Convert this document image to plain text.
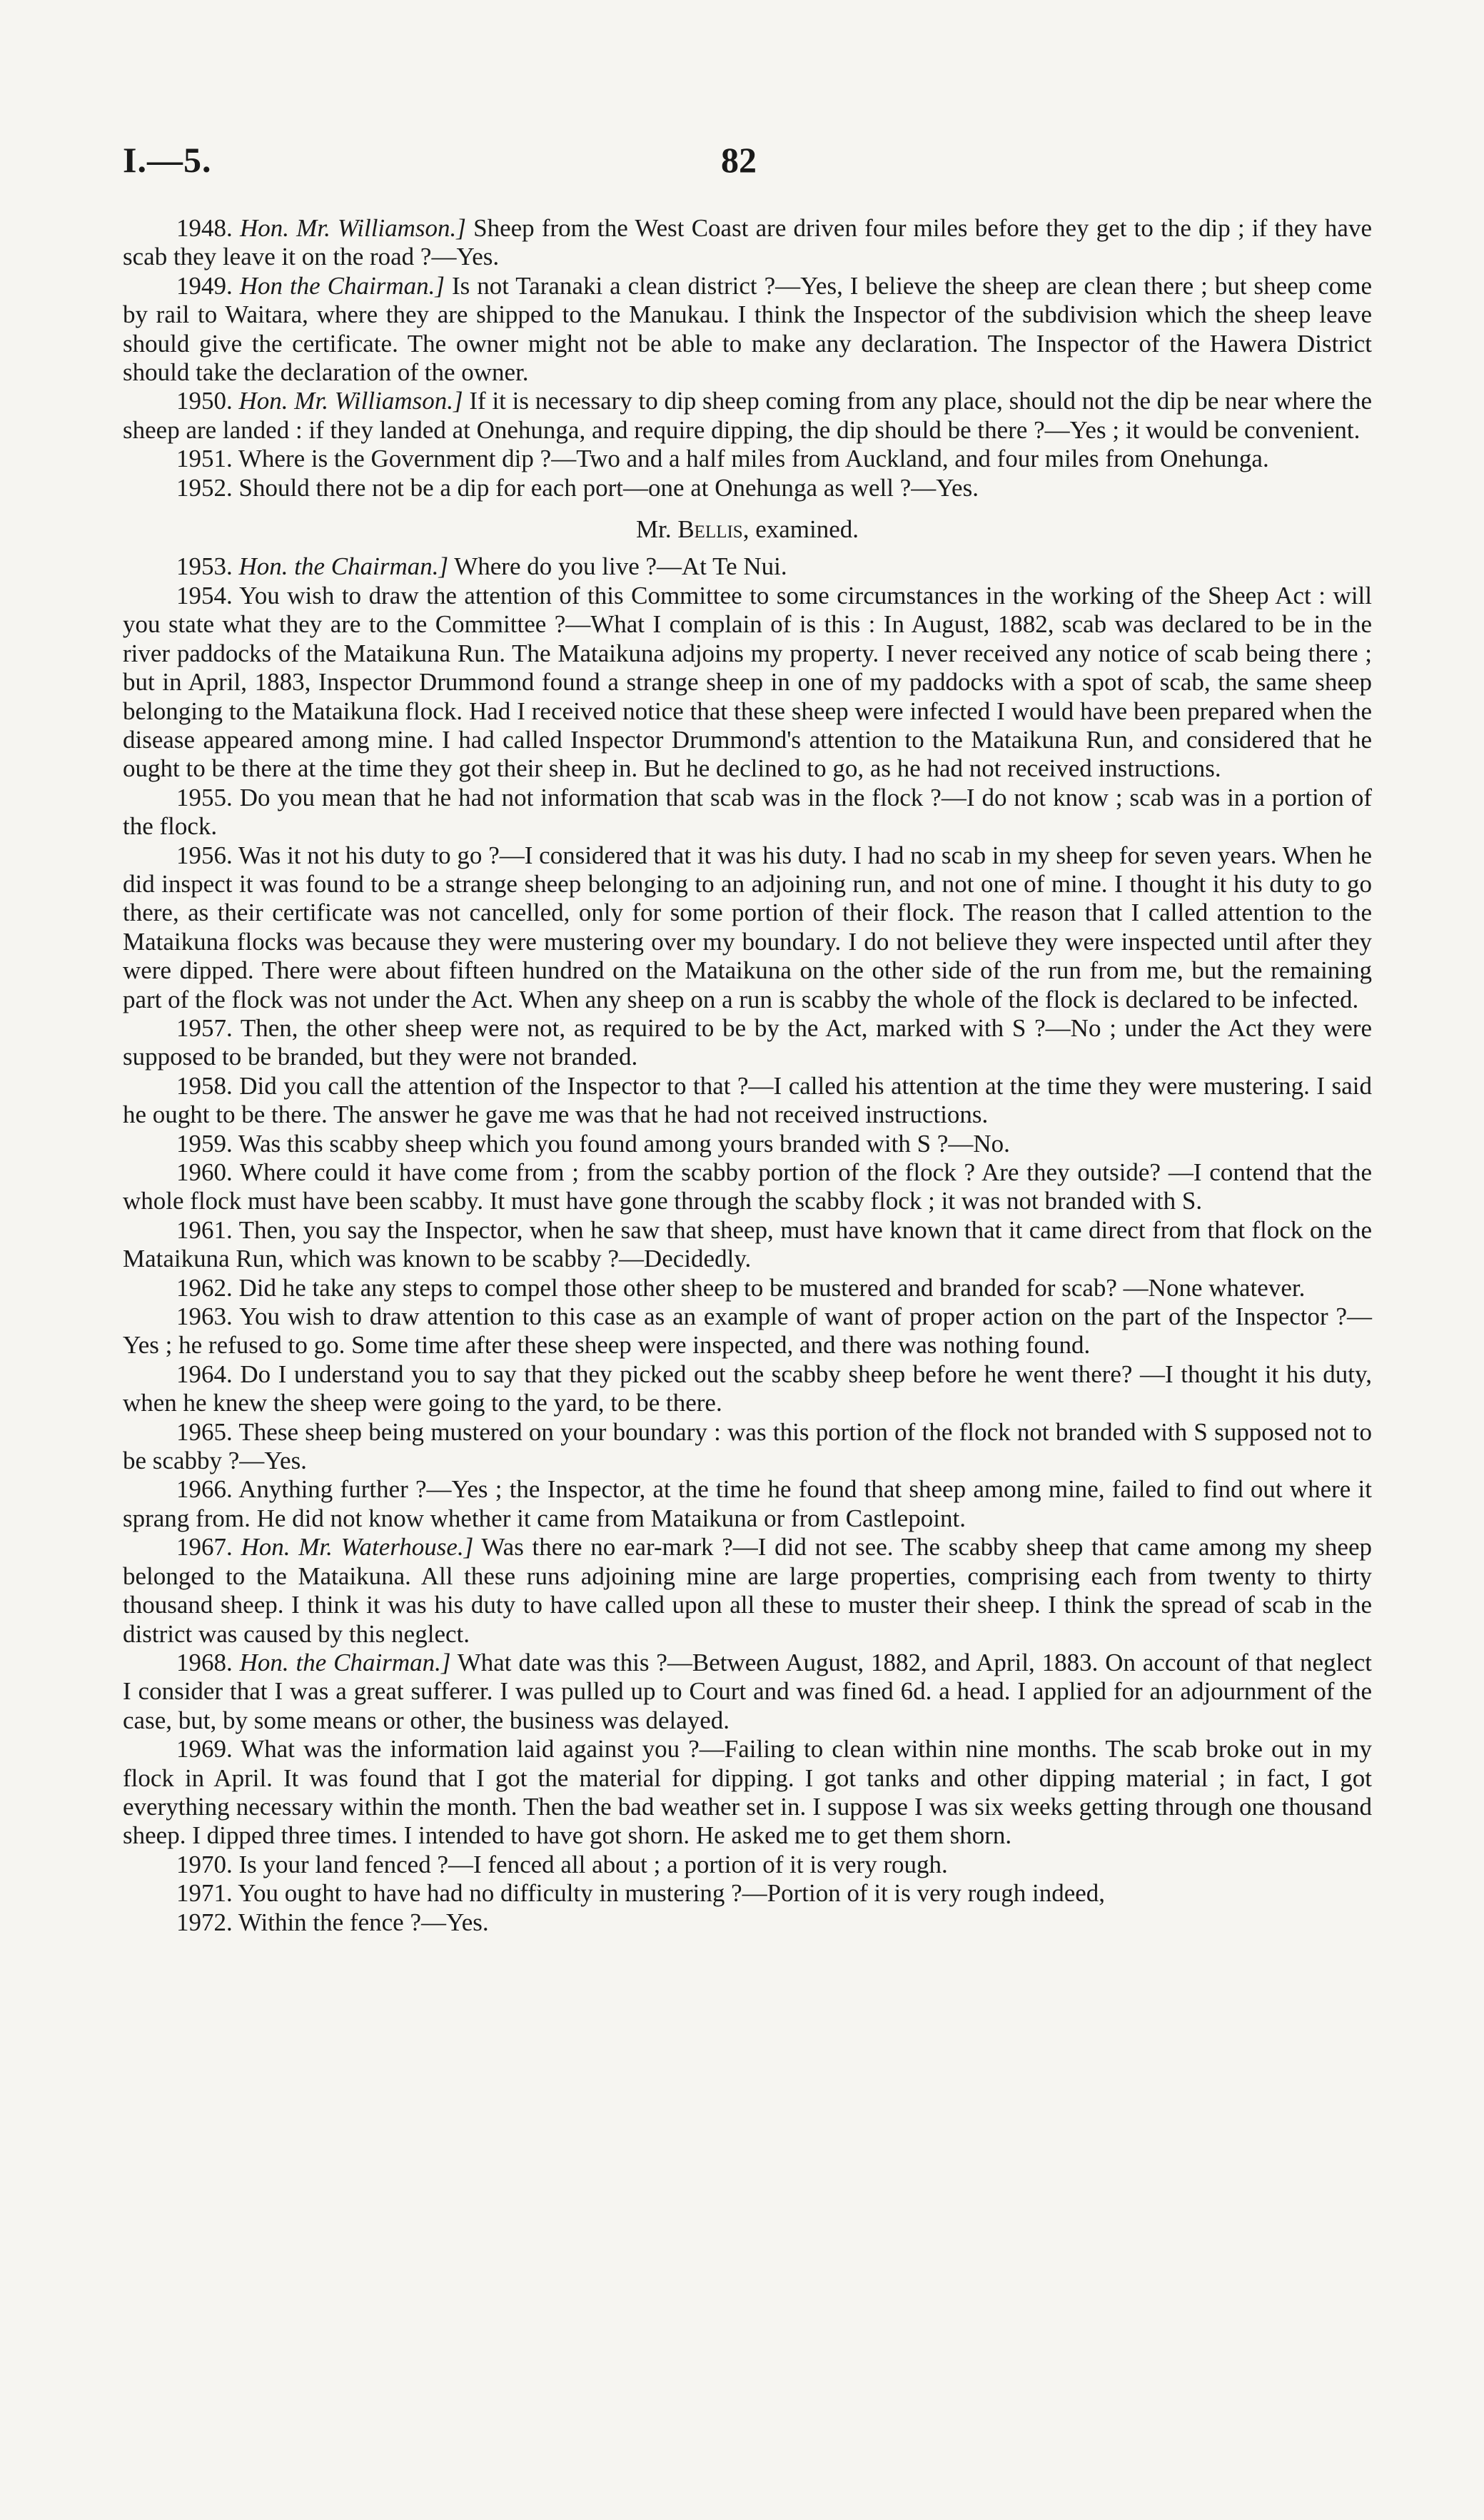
I.—5.	82

1948. Hon. Mr. Williamson.] Sheep from the West Coast are driven four miles before they get to the dip ; if they have scab they leave it on the road ?—Yes.

1949. Hon the Chairman.] Is not Taranaki a clean district ?—Yes, I believe the sheep are clean there ; but sheep come by rail to Waitara, where they are shipped to the Manukau. I think the Inspector of the subdivision which the sheep leave should give the certificate. The owner might not be able to make any declaration. The Inspector of the Hawera District should take the declaration of the owner.

1950. Hon. Mr. Williamson.] If it is necessary to dip sheep coming from any place, should not the dip be near where the sheep are landed : if they landed at Onehunga, and require dipping, the dip should be there ?—Yes ; it would be convenient.

1951. Where is the Government dip ?—Two and a half miles from Auckland, and four miles from Onehunga.

1952. Should there not be a dip for each port—one at Onehunga as well ?—Yes.

Mr. Bellis, examined.

1953. Hon. the Chairman.] Where do you live ?—At Te Nui.

1954. You wish to draw the attention of this Committee to some circumstances in the working of the Sheep Act : will you state what they are to the Committee ?—What I complain of is this : In August, 1882, scab was declared to be in the river paddocks of the Mataikuna Run. The Mataikuna adjoins my property. I never received any notice of scab being there ; but in April, 1883, Inspector Drummond found a strange sheep in one of my paddocks with a spot of scab, the same sheep belonging to the Mataikuna flock. Had I received notice that these sheep were infected I would have been prepared when the disease appeared among mine. I had called Inspector Drummond's attention to the Mataikuna Run, and considered that he ought to be there at the time they got their sheep in. But he declined to go, as he had not received instructions.

1955. Do you mean that he had not information that scab was in the flock ?—I do not know ; scab was in a portion of the flock.

1956. Was it not his duty to go ?—I considered that it was his duty. I had no scab in my sheep for seven years. When he did inspect it was found to be a strange sheep belonging to an adjoining run, and not one of mine. I thought it his duty to go there, as their certificate was not cancelled, only for some portion of their flock. The reason that I called attention to the Mataikuna flocks was because they were mustering over my boundary. I do not believe they were inspected until after they were dipped. There were about fifteen hundred on the Mataikuna on the other side of the run from me, but the remaining part of the flock was not under the Act. When any sheep on a run is scabby the whole of the flock is declared to be infected.

1957. Then, the other sheep were not, as required to be by the Act, marked with S ?—No ; under the Act they were supposed to be branded, but they were not branded.

1958. Did you call the attention of the Inspector to that ?—I called his attention at the time they were mustering. I said he ought to be there. The answer he gave me was that he had not received instructions.

1959. Was this scabby sheep which you found among yours branded with S ?—No.

1960. Where could it have come from ; from the scabby portion of the flock ? Are they outside? —I contend that the whole flock must have been scabby. It must have gone through the scabby flock ; it was not branded with S.

1961. Then, you say the Inspector, when he saw that sheep, must have known that it came direct from that flock on the Mataikuna Run, which was known to be scabby ?—Decidedly.

1962. Did he take any steps to compel those other sheep to be mustered and branded for scab? —None whatever.

1963. You wish to draw attention to this case as an example of want of proper action on the part of the Inspector ?—Yes ; he refused to go. Some time after these sheep were inspected, and there was nothing found.

1964. Do I understand you to say that they picked out the scabby sheep before he went there? —I thought it his duty, when he knew the sheep were going to the yard, to be there.

1965. These sheep being mustered on your boundary : was this portion of the flock not branded with S supposed not to be scabby ?—Yes.

1966. Anything further ?—Yes ; the Inspector, at the time he found that sheep among mine, failed to find out where it sprang from. He did not know whether it came from Mataikuna or from Castlepoint.

1967. Hon. Mr. Waterhouse.] Was there no ear-mark ?—I did not see. The scabby sheep that came among my sheep belonged to the Mataikuna. All these runs adjoining mine are large properties, comprising each from twenty to thirty thousand sheep. I think it was his duty to have called upon all these to muster their sheep. I think the spread of scab in the district was caused by this neglect.

1968. Hon. the Chairman.] What date was this ?—Between August, 1882, and April, 1883. On account of that neglect I consider that I was a great sufferer. I was pulled up to Court and was fined 6d. a head. I applied for an adjournment of the case, but, by some means or other, the business was delayed.

1969. What was the information laid against you ?—Failing to clean within nine months. The scab broke out in my flock in April. It was found that I got the material for dipping. I got tanks and other dipping material ; in fact, I got everything necessary within the month. Then the bad weather set in. I suppose I was six weeks getting through one thousand sheep. I dipped three times. I intended to have got shorn. He asked me to get them shorn.

1970. Is your land fenced ?—I fenced all about ; a portion of it is very rough.

1971. You ought to have had no difficulty in mustering ?—Portion of it is very rough indeed,

1972. Within the fence ?—Yes.
